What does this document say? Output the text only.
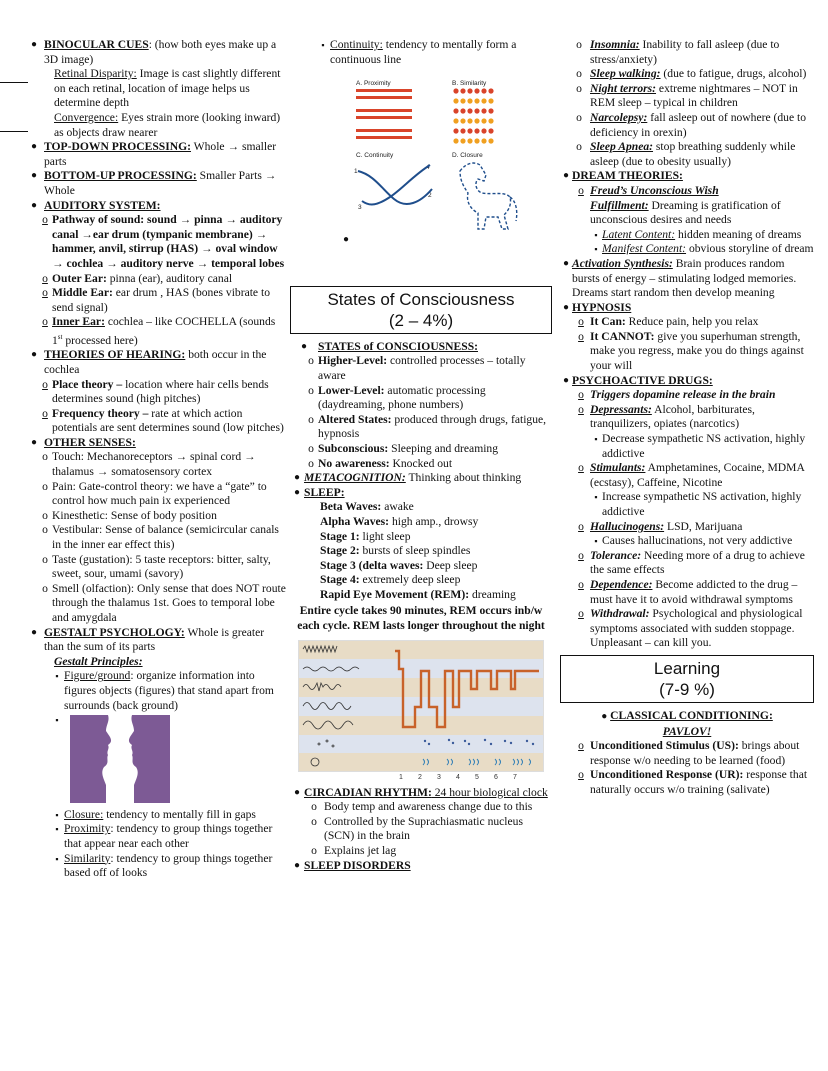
● BINOCULAR CUES: (how both eyes make up a 3D image)
Retinal Disparity: Image is cast slightly different on each retinal, location of image helps us determine depth
Convergence: Eyes strain more (looking inward) as objects draw nearer
● TOP-DOWN PROCESSING: Whole → smaller parts
● BOTTOM-UP PROCESSING: Smaller Parts → Whole
● AUDITORY SYSTEM:
o Pathway of sound: sound → pinna → auditory canal →ear drum (tympanic membrane) → hammer, anvil, stirrup (HAS) → oval window → cochlea → auditory nerve → temporal lobes
o Outer Ear: pinna (ear), auditory canal
o Middle Ear: ear drum , HAS (bones vibrate to send signal)
o Inner Ear: cochlea – like COCHELLA (sounds 1st processed here)
● THEORIES OF HEARING: both occur in the cochlea
o Place theory – location where hair cells bends determines sound (high pitches)
o Frequency theory – rate at which action potentials are sent determines sound (low pitches)
● OTHER SENSES:
o Touch: Mechanoreceptors → spinal cord → thalamus → somatosensory cortex
o Pain: Gate-control theory: we have a “gate” to control how much pain ix experienced
o Kinesthetic: Sense of body position
o Vestibular: Sense of balance (semicircular canals in the inner ear effect this)
o Taste (gustation): 5 taste receptors: bitter, salty, sweet, sour, umami (savory)
o Smell (olfaction): Only sense that does NOT route through the thalamus 1st. Goes to temporal lobe and amygdala
● GESTALT PSYCHOLOGY: Whole is greater than the sum of its parts
Gestalt Principles:
▪ Figure/ground: organize information into figures objects (figures) that stand apart from surrounds (back ground)
▪
▪ Closure: tendency to mentally fill in gaps
▪ Proximity: tendency to group things together that appear near each other
▪ Similarity: tendency to group things together based off of looks
▪ Continuity: tendency to mentally form a continuous line
A. Proximity	B. Similarity
C. Continuity	D. Closure
1
4
2
3
●
States of Consciousness
(2 – 4%)
● STATES of CONSCIOUSNESS:
o Higher-Level: controlled processes – totally aware
o Lower-Level: automatic processing (daydreaming, phone numbers)
o Altered States: produced through drugs, fatigue, hypnosis
o Subconscious: Sleeping and dreaming
o No awareness: Knocked out
● METACOGNITION: Thinking about thinking
● SLEEP:
Beta Waves: awake
Alpha Waves: high amp., drowsy
Stage 1: light sleep
Stage 2: bursts of sleep spindles
Stage 3 (delta waves: Deep sleep
Stage 4: extremely deep sleep
Rapid Eye Movement (REM): dreaming
Entire cycle takes 90 minutes, REM occurs inb/w each cycle. REM lasts longer throughout the night
1 2 3 4 5 6 7
● CIRCADIAN RHYTHM: 24 hour biological clock
o Body temp and awareness change due to this
o Controlled by the Suprachiasmatic nucleus (SCN) in the brain
o Explains jet lag
● SLEEP DISORDERS
o Insomnia: Inability to fall asleep (due to stress/anxiety)
o Sleep walking: (due to fatigue, drugs, alcohol)
o Night terrors: extreme nightmares – NOT in REM sleep – typical in children
o Narcolepsy: fall asleep out of nowhere (due to deficiency in orexin)
o Sleep Apnea: stop breathing suddenly while asleep (due to obesity usually)
● DREAM THEORIES:
o Freud’s Unconscious Wish
Fulfillment: Dreaming is gratification of unconscious desires and needs
▪ Latent Content: hidden meaning of dreams
▪ Manifest Content: obvious storyline of dream
● Activation Synthesis: Brain produces random bursts of energy – stimulating lodged memories. Dreams start random then develop meaning
● HYPNOSIS
o It Can: Reduce pain, help you relax
o It CANNOT: give you superhuman strength, make you regress, make you do things against your will
● PSYCHOACTIVE DRUGS:
o Triggers dopamine release in the brain
o Depressants: Alcohol, barbiturates, tranquilizers, opiates (narcotics)
▪ Decrease sympathetic NS activation, highly addictive
o Stimulants: Amphetamines, Cocaine, MDMA (ecstasy), Caffeine, Nicotine
▪ Increase sympathetic NS activation, highly addictive
o Hallucinogens: LSD, Marijuana
▪ Causes hallucinations, not very addictive
o Tolerance: Needing more of a drug to achieve the same effects
o Dependence: Become addicted to the drug – must have it to avoid withdrawal symptoms
o Withdrawal: Psychological and physiological symptoms associated with sudden stoppage. Unpleasant – can kill you.
Learning
(7-9 %)
● CLASSICAL CONDITIONING:
PAVLOV!
o Unconditioned Stimulus (US): brings about response w/o needing to be learned (food)
o Unconditioned Response (UR): response that naturally occurs w/o training (salivate)
